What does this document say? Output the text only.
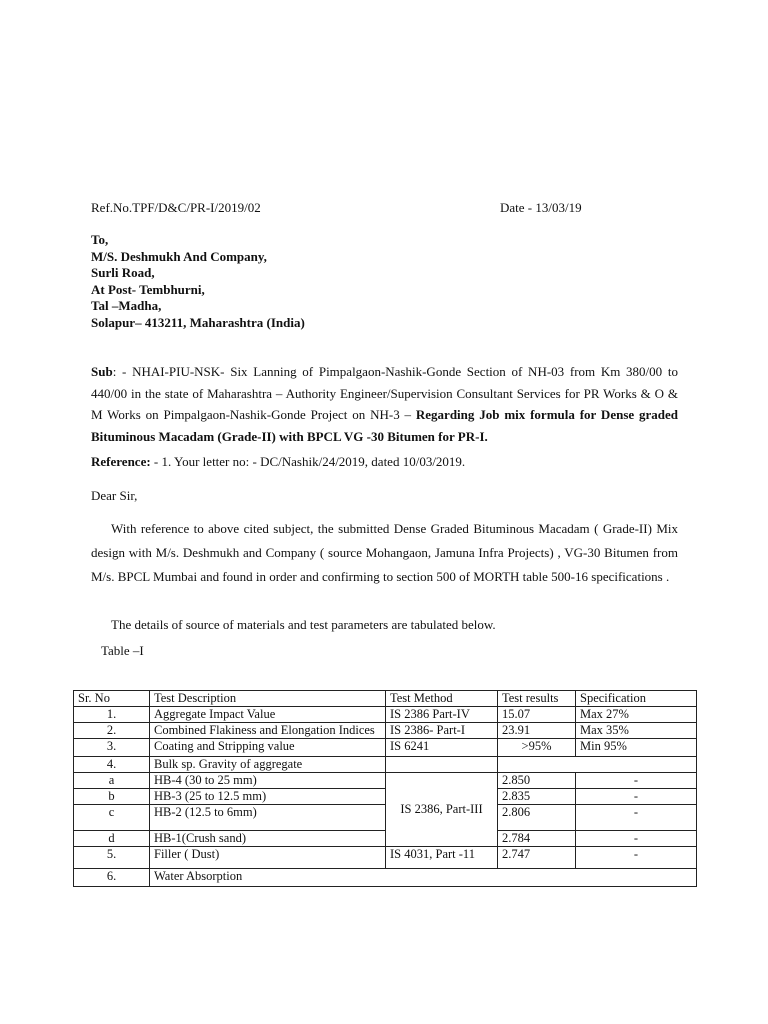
Ref.No.TPF/D&C/PR-I/2019/02	Date - 13/03/19
To,
M/S. Deshmukh And Company,
Surli Road,
At Post- Tembhurni,
Tal –Madha,
Solapur– 413211, Maharashtra (India)
Sub: - NHAI-PIU-NSK- Six Lanning of Pimpalgaon-Nashik-Gonde Section of NH-03 from Km 380/00 to 440/00 in the state of Maharashtra – Authority Engineer/Supervision Consultant Services for PR Works & O & M Works on Pimpalgaon-Nashik-Gonde Project on NH-3 – Regarding Job mix formula for Dense graded Bituminous Macadam (Grade-II) with BPCL VG -30 Bitumen for PR-I.
Reference: - 1. Your letter no: - DC/Nashik/24/2019, dated 10/03/2019.
Dear Sir,
With reference to above cited subject, the submitted Dense Graded Bituminous Macadam ( Grade-II) Mix design with M/s. Deshmukh and Company ( source Mohangaon, Jamuna Infra Projects) , VG-30 Bitumen from M/s. BPCL Mumbai and found in order and confirming to section 500 of MORTH table 500-16 specifications .
The details of source of materials and test parameters are tabulated below.
Table –I
Sr. No	Test Description	Test Method	Test results	Specification
1.	Aggregate Impact Value	IS 2386 Part-IV	15.07	Max 27%
2.	Combined Flakiness and Elongation Indices	IS 2386- Part-I	23.91	Max 35%
3.	Coating and Stripping value	IS 6241	>95%	Min 95%
4.	Bulk sp. Gravity of aggregate			
a	HB-4 (30 to 25 mm)	IS 2386, Part-III	2.850	-
b	HB-3 (25 to 12.5 mm)		2.835	-
c	HB-2 (12.5 to 6mm)		2.806	-
d	HB-1(Crush sand)		2.784	-
5.	Filler ( Dust)	IS 4031, Part -11	2.747	-
6.	Water Absorption			
